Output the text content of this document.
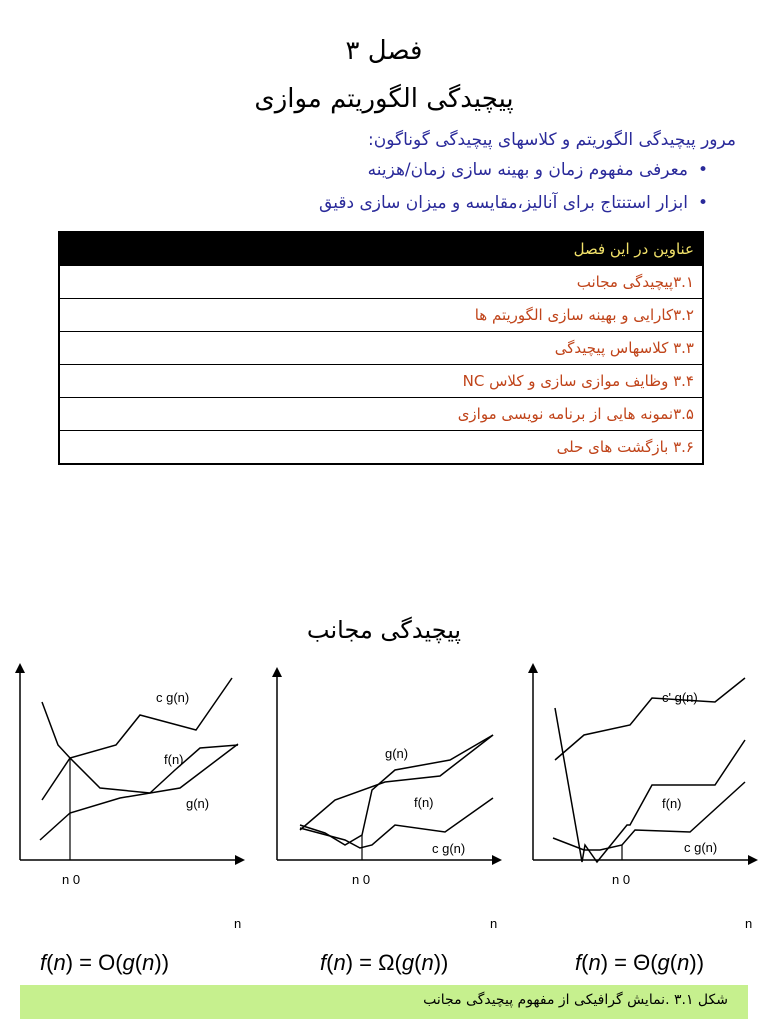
فصل ۳
پیچیدگی الگوریتم موازی
مرور پیچیدگی الگوریتم و کلاسهای پیچیدگی گوناگون:
•معرفی مفهوم زمان و بهینه سازی زمان/هزینه
•ابزار استنتاج برای آنالیز،مقایسه و میزان سازی دقیق
عناوین در این فصل
۳.۱پیچیدگی مجانب
۳.۲کارایی و بهینه سازی الگوریتم ها
۳.۳ کلاسهاس پیچیدگی
۳.۴ وظایف موازی سازی و کلاس NC
۳.۵نمونه هایی از برنامه نویسی موازی
۳.۶ بازگشت های حلی
پیچیدگی مجانب
c g(n)
f(n)
g(n)
n 0
n
f(n) = O(g(n))
g(n)
f(n)
c g(n)
n 0
n
f(n) = Ω(g(n))
c' g(n)
f(n)
c g(n)
n 0
n
f(n) = Θ(g(n))
شکل ۳.۱ .نمایش گرافیکی از مفهوم پیچیدگی مجانب
